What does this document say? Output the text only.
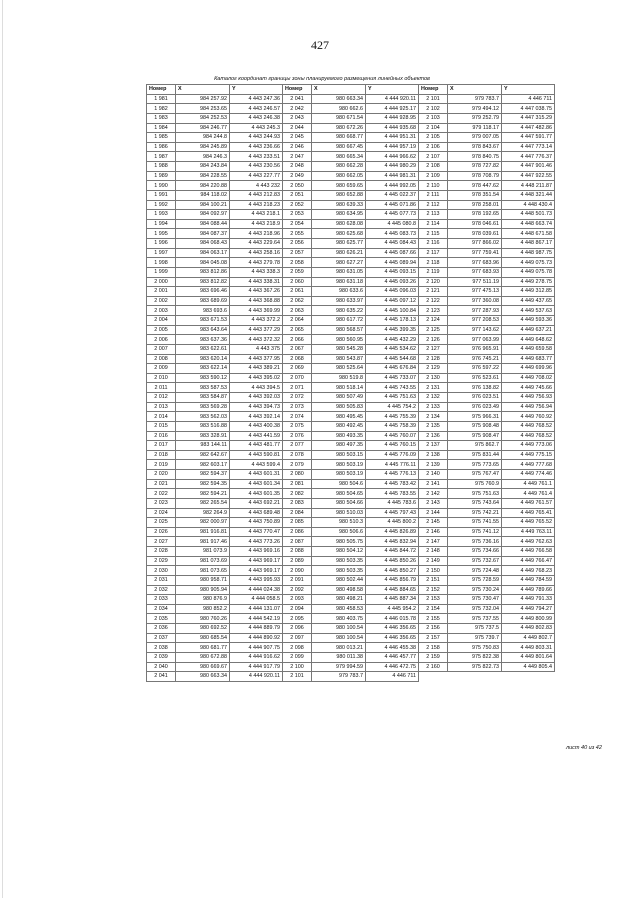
427
Каталог координат границы зоны планируемого размещения линейных объектов
Номер	X	Y	Номер	X	Y	Номер	X	Y
1 981	984 257.92	4 443 247.36	2 041	980 663.34	4 444 920.11	2 101	979 783.7	4 446 711
1 982	984 253.65	4 443 246.57	2 042	980 662.6	4 444 925.17	2 102	979 494.12	4 447 038.75
1 983	984 252.53	4 443 246.38	2 043	980 671.54	4 444 928.95	2 103	979 252.79	4 447 315.29
1 984	984 246.77	4 443 245.3	2 044	980 672.26	4 444 935.68	2 104	979 118.17	4 447 482.86
1 985	984 244.8	4 443 244.93	2 045	980 668.77	4 444 951.31	2 105	979 007.05	4 447 591.77
1 986	984 245.89	4 443 236.66	2 046	980 667.45	4 444 957.19	2 106	978 843.67	4 447 773.14
1 987	984 246.3	4 443 233.51	2 047	980 665.34	4 444 966.62	2 107	978 840.75	4 447 776.37
1 988	984 243.84	4 443 230.56	2 048	980 662.28	4 444 980.29	2 108	978 727.82	4 447 901.46
1 989	984 228.55	4 443 227.77	2 049	980 662.05	4 444 981.31	2 109	978 708.79	4 447 922.55
1 990	984 220.88	4 443 232	2 050	980 659.65	4 444 992.05	2 110	978 447.62	4 448 211.87
1 991	984 118.02	4 443 212.83	2 051	980 652.88	4 445 022.37	2 111	978 351.54	4 448 321.44
1 992	984 100.21	4 443 218.23	2 052	980 639.33	4 445 071.86	2 112	978 258.01	4 448 430.4
1 993	984 092.97	4 443 218.1	2 053	980 634.95	4 445 077.73	2 113	978 192.65	4 448 501.73
1 994	984 088.44	4 443 218.9	2 054	980 628.08	4 445 080.8	2 114	978 046.61	4 448 663.74
1 995	984 087.37	4 443 218.96	2 055	980 625.68	4 445 083.73	2 115	978 039.61	4 448 671.58
1 996	984 068.43	4 443 229.64	2 056	980 625.77	4 445 084.43	2 116	977 866.02	4 448 867.17
1 997	984 063.17	4 443 258.16	2 057	980 626.21	4 445 087.66	2 117	977 759.41	4 448 987.75
1 998	984 045.08	4 443 279.78	2 058	980 627.27	4 445 089.94	2 118	977 683.96	4 449 075.73
1 999	983 812.86	4 443 338.3	2 059	980 631.05	4 445 093.15	2 119	977 683.93	4 449 075.78
2 000	983 812.82	4 443 338.31	2 060	980 631.18	4 445 093.26	2 120	977 511.19	4 449 278.75
2 001	983 696.46	4 443 367.26	2 061	980 633.6	4 445 096.03	2 121	977 475.13	4 449 312.85
2 002	983 689.69	4 443 368.88	2 062	980 633.97	4 445 097.12	2 122	977 360.08	4 449 437.65
2 003	983 693.6	4 443 369.99	2 063	980 635.22	4 445 100.84	2 123	977 287.93	4 449 537.63
2 004	983 671.53	4 443 372.2	2 064	980 617.72	4 445 178.13	2 124	977 208.53	4 449 593.36
2 005	983 643.64	4 443 377.29	2 065	980 568.57	4 445 399.35	2 125	977 143.62	4 449 637.21
2 006	983 637.36	4 443 372.32	2 066	980 560.95	4 445 432.29	2 126	977 063.99	4 449 648.62
2 007	983 622.61	4 443 375	2 067	980 545.28	4 445 534.62	2 127	976 965.91	4 449 659.58
2 008	983 620.14	4 443 377.95	2 068	980 543.87	4 445 544.68	2 128	976 745.21	4 449 683.77
2 009	983 622.14	4 443 389.21	2 069	980 525.64	4 445 676.84	2 129	976 597.22	4 449 699.96
2 010	983 590.12	4 443 395.02	2 070	980 519.8	4 445 733.07	2 130	976 523.61	4 449 708.02
2 011	983 587.53	4 443 394.5	2 071	980 518.14	4 445 743.55	2 131	976 138.82	4 449 745.66
2 012	983 584.87	4 443 392.03	2 072	980 507.49	4 445 751.63	2 132	976 023.51	4 449 756.93
2 013	983 569.28	4 443 394.73	2 073	980 505.83	4 445 754.2	2 133	976 023.49	4 449 756.94
2 014	983 562.03	4 443 392.14	2 074	980 495.45	4 445 755.39	2 134	975 966.31	4 449 760.92
2 015	983 516.88	4 443 400.38	2 075	980 492.45	4 445 758.39	2 135	975 908.48	4 449 768.52
2 016	983 328.91	4 443 441.59	2 076	980 493.35	4 445 760.07	2 136	975 908.47	4 449 768.52
2 017	983 144.11	4 443 481.77	2 077	980 497.35	4 445 760.15	2 137	975 862.7	4 449 773.06
2 018	982 642.67	4 443 590.81	2 078	980 503.15	4 445 776.09	2 138	975 831.44	4 449 775.15
2 019	982 603.17	4 443 599.4	2 079	980 503.19	4 445 776.11	2 139	975 773.65	4 449 777.68
2 020	982 594.37	4 443 601.31	2 080	980 503.19	4 445 776.13	2 140	975 767.47	4 449 774.46
2 021	982 594.35	4 443 601.34	2 081	980 504.6	4 445 783.42	2 141	975 760.9	4 449 761.1
2 022	982 594.21	4 443 601.35	2 082	980 504.65	4 445 783.55	2 142	975 751.63	4 449 761.4
2 023	982 265.54	4 443 692.21	2 083	980 504.66	4 445 783.6	2 143	975 743.64	4 449 761.57
2 024	982 264.9	4 443 689.48	2 084	980 510.03	4 445 797.43	2 144	975 742.21	4 449 765.41
2 025	982 000.97	4 443 750.89	2 085	980 510.3	4 445 800.2	2 145	975 741.55	4 449 765.52
2 026	981 916.81	4 443 770.47	2 086	980 506.6	4 445 826.89	2 146	975 741.12	4 449 763.11
2 027	981 917.46	4 443 773.26	2 087	980 505.75	4 445 832.94	2 147	975 736.16	4 449 762.63
2 028	981 073.9	4 443 969.16	2 088	980 504.12	4 445 844.72	2 148	975 734.66	4 449 766.58
2 029	981 073.69	4 443 969.17	2 089	980 503.35	4 445 850.26	2 149	975 732.67	4 449 766.47
2 030	981 073.65	4 443 969.17	2 090	980 503.35	4 445 850.27	2 150	975 724.48	4 449 768.23
2 031	980 958.71	4 443 995.93	2 091	980 502.44	4 445 856.79	2 151	975 728.59	4 449 784.59
2 032	980 905.94	4 444 024.38	2 092	980 498.58	4 445 884.65	2 152	975 730.24	4 449 789.66
2 033	980 876.9	4 444 058.5	2 093	980 498.21	4 445 887.34	2 153	975 730.47	4 449 791.33
2 034	980 852.2	4 444 131.07	2 094	980 458.53	4 445 954.2	2 154	975 732.04	4 449 794.27
2 035	980 760.26	4 444 542.19	2 095	980 403.75	4 446 015.78	2 155	975 737.55	4 449 800.99
2 036	980 692.52	4 444 889.79	2 096	980 100.54	4 446 356.65	2 156	975 737.5	4 449 802.83
2 037	980 685.54	4 444 890.92	2 097	980 100.54	4 446 356.65	2 157	975 739.7	4 449 802.7
2 038	980 681.77	4 444 907.75	2 098	980 013.21	4 446 455.38	2 158	975 750.83	4 449 803.31
2 039	980 672.88	4 444 916.62	2 099	980 011.38	4 446 457.77	2 159	975 822.38	4 449 801.64
2 040	980 669.67	4 444 917.79	2 100	979 994.59	4 446 472.75	2 160	975 822.73	4 449 805.4
2 041	980 663.34	4 444 920.11	2 101	979 783.7	4 446 711			
лист 40 из 42
